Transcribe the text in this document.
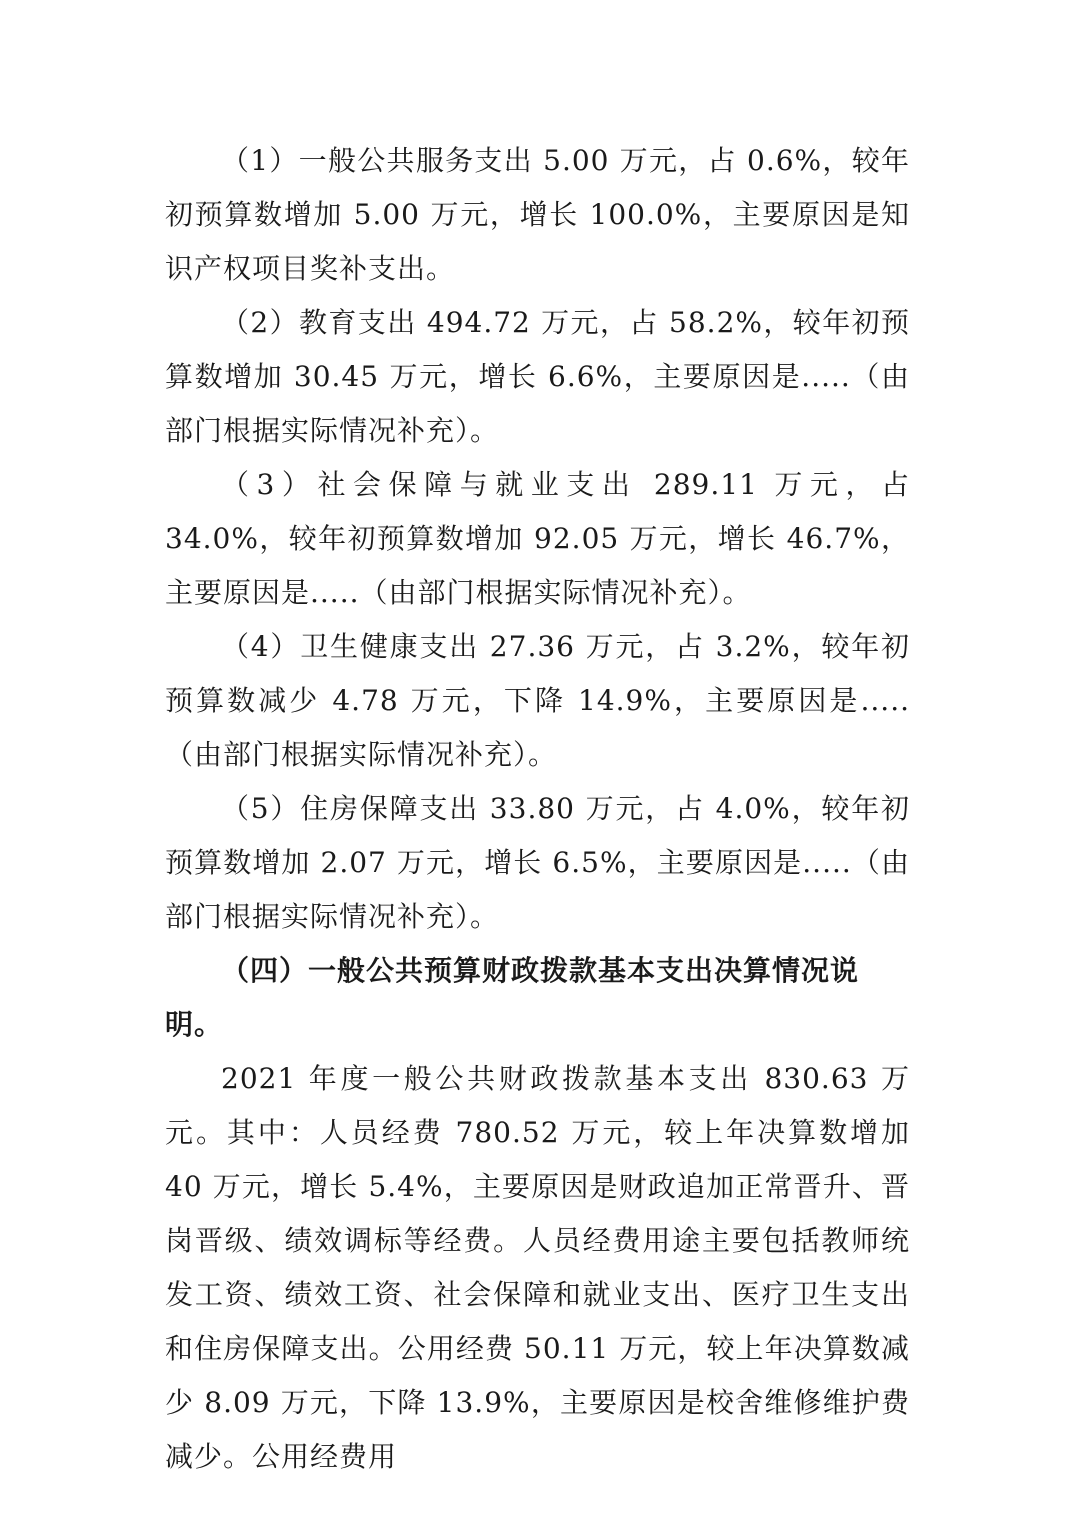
（1）一般公共服务支出 5.00 万元，占 0.6%，较年初预算数增加 5.00 万元，增长 100.0%，主要原因是知识产权项目奖补支出。

（2）教育支出 494.72 万元，占 58.2%，较年初预算数增加 30.45 万元，增长 6.6%，主要原因是.....（由部门根据实际情况补充）。

（3）社会保障与就业支出 289.11 万元，占 34.0%，较年初预算数增加 92.05 万元，增长 46.7%，主要原因是.....（由部门根据实际情况补充）。

（4）卫生健康支出 27.36 万元，占 3.2%，较年初预算数减少 4.78 万元，下降 14.9%，主要原因是.....（由部门根据实际情况补充）。

（5）住房保障支出 33.80 万元，占 4.0%，较年初预算数增加 2.07 万元，增长 6.5%，主要原因是.....（由部门根据实际情况补充）。

（四）一般公共预算财政拨款基本支出决算情况说明。

2021 年度一般公共财政拨款基本支出 830.63 万元。其中：人员经费 780.52 万元，较上年决算数增加 40 万元，增长 5.4%，主要原因是财政追加正常晋升、晋岗晋级、绩效调标等经费。人员经费用途主要包括教师统发工资、绩效工资、社会保障和就业支出、医疗卫生支出和住房保障支出。公用经费 50.11 万元，较上年决算数减少 8.09 万元，下降 13.9%，主要原因是校舍维修维护费减少。公用经费用
